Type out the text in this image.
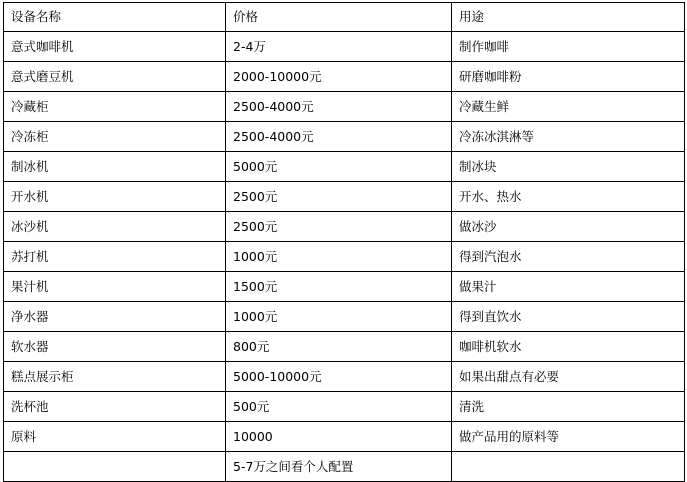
设备名称	价格	用途
意式咖啡机	2-4万	制作咖啡
意式磨豆机	2000-10000元	研磨咖啡粉
冷藏柜	2500-4000元	冷藏生鲜
冷冻柜	2500-4000元	冷冻冰淇淋等
制冰机	5000元	制冰块
开水机	2500元	开水、热水
冰沙机	2500元	做冰沙
苏打机	1000元	得到汽泡水
果汁机	1500元	做果汁
净水器	1000元	得到直饮水
软水器	800元	咖啡机软水
糕点展示柜	5000-10000元	如果出甜点有必要
洗杯池	500元	清洗
原料	10000	做产品用的原料等
	5-7万之间看个人配置	
